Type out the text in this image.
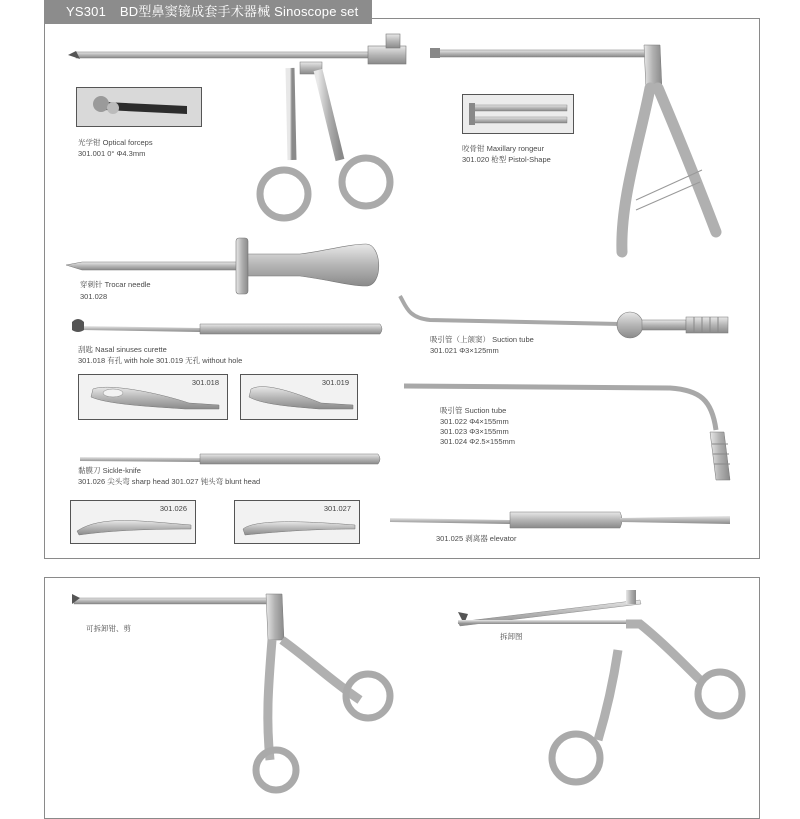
YS301 BD型鼻窦镜成套手术器械 Sinoscope set
301.018	301.019
301.026	301.027
光学钳 Optical forceps
301.001 0° Φ4.3mm
咬骨钳 Maxillary rongeur
301.020 枪型 Pistol-Shape
穿刺针 Trocar needle
301.028
刮匙 Nasal sinuses curette
301.018 有孔 with hole 301.019 无孔 without hole
吸引管（上颌窦） Suction tube
301.021 Φ3×125mm
吸引管 Suction tube
301.022 Φ4×155mm
301.023 Φ3×155mm
301.024 Φ2.5×155mm
黏膜刀 Sickle-knife
301.026 尖头弯 sharp head 301.027 钝头弯 blunt head
301.025 剥离器 elevator
可拆卸钳、剪
拆卸图
